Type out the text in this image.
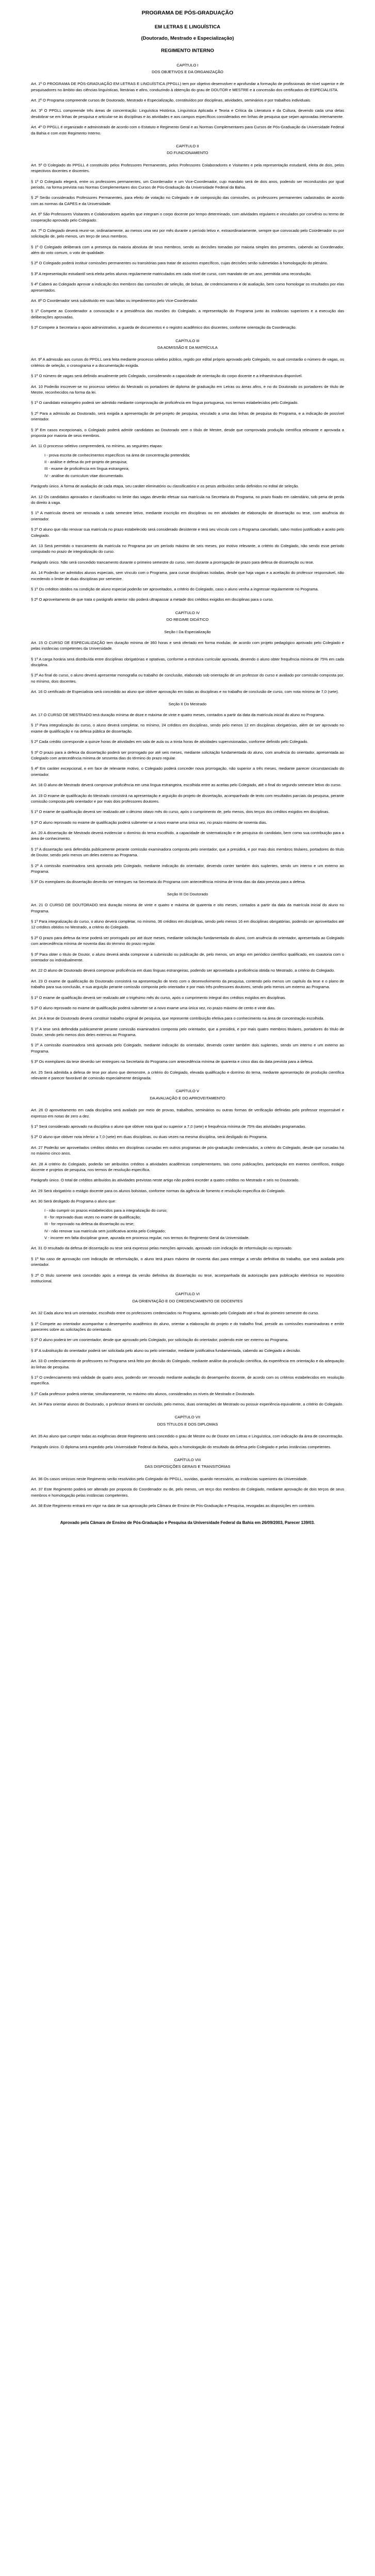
PROGRAMA DE PÓS-GRADUAÇÃO
EM LETRAS E LINGUÍSTICA
(Doutorado, Mestrado e Especialização)
REGIMENTO INTERNO
CAPÍTULO I
DOS OBJETIVOS E DA ORGANIZAÇÃO

Art. 1º O PROGRAMA DE PÓS-GRADUAÇÃO EM LETRAS E LINGUÍSTICA (PPGLL) tem por objetivo desenvolver e aprofundar a formação de profissionais de nível superior e de pesquisadores no âmbito das ciências linguísticas, literárias e afins, conduzindo à obtenção do grau de DOUTOR e MESTRE e à concessão dos certificados de ESPECIALISTA.

Art. 2º O Programa compreende cursos de Doutorado, Mestrado e Especialização, constituídos por disciplinas, atividades, seminários e por trabalhos individuais.

Art. 3º O PPGLL compreende três áreas de concentração: Linguística Histórica, Linguística Aplicada e Teoria e Crítica da Literatura e da Cultura, devendo cada uma delas desdobrar-se em linhas de pesquisa e articular-se às disciplinas e às atividades e aos campos específicos considerados em linhas de pesquisa que sejam aprovadas internamente.

Art. 4º O PPGLL é organizado e administrado de acordo com o Estatuto e Regimento Geral e as Normas Complementares para Cursos de Pós-Graduação da Universidade Federal da Bahia e com este Regimento Interno.

CAPÍTULO II
DO FUNCIONAMENTO

Art. 5º O Colegiado do PPGLL é constituído pelos Professores Permanentes, pelos Professores Colaboradores e Visitantes e pela representação estudantil, eleita de dois, pelos respectivos docentes e discentes.

§ 1º O Colegiado elegerá, entre os professores permanentes, um Coordenador e um Vice-Coordenador, cujo mandato será de dois anos, podendo ser reconduzidos por igual período, na forma prevista nas Normas Complementares dos Cursos de Pós-Graduação da Universidade Federal da Bahia.

§ 2º Serão considerados Professores Permanentes, para efeito de votação no Colegiado e de composição das comissões, os professores permanentes cadastrados de acordo com as normas da CAPES e da Universidade.

Art. 6º São Professores Visitantes e Colaboradores aqueles que integram o corpo docente por tempo determinado, com atividades regulares e vinculados por convênio ou termo de cooperação aprovado pelo Colegiado.

Art. 7º O Colegiado deverá reunir-se, ordinariamente, ao menos uma vez por mês durante o período letivo e, extraordinariamente, sempre que convocado pelo Coordenador ou por solicitação de, pelo menos, um terço de seus membros.

§ 1º O Colegiado deliberará com a presença da maioria absoluta de seus membros, sendo as decisões tomadas por maioria simples dos presentes, cabendo ao Coordenador, além do voto comum, o voto de qualidade.

§ 2º O Colegiado poderá instituir comissões permanentes ou transitórias para tratar de assuntos específicos, cujas decisões serão submetidas à homologação do plenário.

§ 3º A representação estudantil será eleita pelos alunos regularmente matriculados em cada nível de curso, com mandato de um ano, permitida uma recondução.

§ 4º Caberá ao Colegiado aprovar a indicação dos membros das comissões de seleção, de bolsas, de credenciamento e de avaliação, bem como homologar os resultados por elas apresentados.

Art. 8º O Coordenador será substituído em suas faltas ou impedimentos pelo Vice-Coordenador.

§ 1º Compete ao Coordenador a convocação e a presidência das reuniões do Colegiado, a representação do Programa junto às instâncias superiores e a execução das deliberações aprovadas.

§ 2º Compete à Secretaria o apoio administrativo, a guarda de documentos e o registro acadêmico dos discentes, conforme orientação da Coordenação.

CAPÍTULO III
DA ADMISSÃO E DA MATRÍCULA

Art. 9º A admissão aos cursos do PPGLL será feita mediante processo seletivo público, regido por edital próprio aprovado pelo Colegiado, no qual constarão o número de vagas, os critérios de seleção, o cronograma e a documentação exigida.

§ 1º O número de vagas será definido anualmente pelo Colegiado, considerando a capacidade de orientação do corpo docente e a infraestrutura disponível.

Art. 10 Poderão inscrever-se no processo seletivo do Mestrado os portadores de diploma de graduação em Letras ou áreas afins, e no do Doutorado os portadores de título de Mestre, reconhecidos na forma da lei.

§ 1º O candidato estrangeiro poderá ser admitido mediante comprovação de proficiência em língua portuguesa, nos termos estabelecidos pelo Colegiado.

§ 2º Para a admissão ao Doutorado, será exigida a apresentação de pré-projeto de pesquisa, vinculado a uma das linhas de pesquisa do Programa, e a indicação de possível orientador.

§ 3º Em casos excepcionais, o Colegiado poderá admitir candidatos ao Doutorado sem o título de Mestre, desde que comprovada produção científica relevante e aprovada a proposta por maioria de seus membros.

Art. 11 O processo seletivo compreenderá, no mínimo, as seguintes etapas:

I - prova escrita de conhecimentos específicos na área de concentração pretendida;
II - análise e defesa do pré-projeto de pesquisa;
III - exame de proficiência em língua estrangeira;
IV - análise do curriculum vitae documentado.

Parágrafo único. A forma de avaliação de cada etapa, seu caráter eliminatório ou classificatório e os pesos atribuídos serão definidos no edital de seleção.

Art. 12 Os candidatos aprovados e classificados no limite das vagas deverão efetuar sua matrícula na Secretaria do Programa, no prazo fixado em calendário, sob pena de perda do direito à vaga.

§ 1º A matrícula deverá ser renovada a cada semestre letivo, mediante inscrição em disciplinas ou em atividades de elaboração de dissertação ou tese, com anuência do orientador.

§ 2º O aluno que não renovar sua matrícula no prazo estabelecido será considerado desistente e terá seu vínculo com o Programa cancelado, salvo motivo justificado e aceito pelo Colegiado.

Art. 13 Será permitido o trancamento da matrícula no Programa por um período máximo de seis meses, por motivo relevante, a critério do Colegiado, não sendo esse período computado no prazo de integralização do curso.

Parágrafo único. Não será concedido trancamento durante o primeiro semestre do curso, nem durante a prorrogação de prazo para defesa de dissertação ou tese.

Art. 14 Poderão ser admitidos alunos especiais, sem vínculo com o Programa, para cursar disciplinas isoladas, desde que haja vagas e a aceitação do professor responsável, não excedendo o limite de duas disciplinas por semestre.

§ 1º Os créditos obtidos na condição de aluno especial poderão ser aproveitados, a critério do Colegiado, caso o aluno venha a ingressar regularmente no Programa.

§ 2º O aproveitamento de que trata o parágrafo anterior não poderá ultrapassar a metade dos créditos exigidos em disciplinas para o curso.

CAPÍTULO IV
DO REGIME DIDÁTICO
Seção I Da Especialização

Art. 15 O CURSO DE ESPECIALIZAÇÃO tem duração mínima de 360 horas e será ofertado em forma modular, de acordo com projeto pedagógico aprovado pelo Colegiado e pelas instâncias competentes da Universidade.

§ 1º A carga horária será distribuída entre disciplinas obrigatórias e optativas, conforme a estrutura curricular aprovada, devendo o aluno obter frequência mínima de 75% em cada disciplina.

§ 2º Ao final do curso, o aluno deverá apresentar monografia ou trabalho de conclusão, elaborado sob orientação de um professor do curso e avaliado por comissão composta por, no mínimo, dois docentes.

Art. 16 O certificado de Especialista será concedido ao aluno que obtiver aprovação em todas as disciplinas e no trabalho de conclusão de curso, com nota mínima de 7,0 (sete).

Seção II Do Mestrado

Art. 17 O CURSO DE MESTRADO terá duração mínima de doze e máxima de vinte e quatro meses, contados a partir da data da matrícula inicial do aluno no Programa.

§ 1º Para integralização do curso, o aluno deverá completar, no mínimo, 24 créditos em disciplinas, sendo pelo menos 12 em disciplinas obrigatórias, além de ser aprovado no exame de qualificação e na defesa pública de dissertação.

§ 2º Cada crédito corresponde a quinze horas de atividades em sala de aula ou a trinta horas de atividades supervisionadas, conforme definido pelo Colegiado.

§ 3º O prazo para a defesa da dissertação poderá ser prorrogado por até seis meses, mediante solicitação fundamentada do aluno, com anuência do orientador, apresentada ao Colegiado com antecedência mínima de sessenta dias do término do prazo regular.

§ 4º Em caráter excepcional, e em face de relevante motivo, o Colegiado poderá conceder nova prorrogação, não superior a três meses, mediante parecer circunstanciado do orientador.

Art. 18 O aluno de Mestrado deverá comprovar proficiência em uma língua estrangeira, escolhida entre as aceitas pelo Colegiado, até o final do segundo semestre letivo do curso.

Art. 19 O exame de qualificação do Mestrado consistirá na apresentação e arguição do projeto de dissertação, acompanhado de texto com resultados parciais da pesquisa, perante comissão composta pelo orientador e por mais dois professores doutores.

§ 1º O exame de qualificação deverá ser realizado até o décimo oitavo mês do curso, após o cumprimento de, pelo menos, dois terços dos créditos exigidos em disciplinas.

§ 2º O aluno reprovado no exame de qualificação poderá submeter-se a novo exame uma única vez, no prazo máximo de noventa dias.

Art. 20 A dissertação de Mestrado deverá evidenciar o domínio do tema escolhido, a capacidade de sistematização e de pesquisa do candidato, bem como sua contribuição para a área de conhecimento.

§ 1º A dissertação será defendida publicamente perante comissão examinadora composta pelo orientador, que a presidirá, e por mais dois membros titulares, portadores do título de Doutor, sendo pelo menos um deles externo ao Programa.

§ 2º A comissão examinadora será aprovada pelo Colegiado, mediante indicação do orientador, devendo conter também dois suplentes, sendo um interno e um externo ao Programa.

§ 3º Os exemplares da dissertação deverão ser entregues na Secretaria do Programa com antecedência mínima de trinta dias da data prevista para a defesa.

Seção III Do Doutorado

Art. 21 O CURSO DE DOUTORADO terá duração mínima de vinte e quatro e máxima de quarenta e oito meses, contados a partir da data da matrícula inicial do aluno no Programa.

§ 1º Para integralização do curso, o aluno deverá completar, no mínimo, 36 créditos em disciplinas, sendo pelo menos 16 em disciplinas obrigatórias, podendo ser aproveitados até 12 créditos obtidos no Mestrado, a critério do Colegiado.

§ 2º O prazo para defesa da tese poderá ser prorrogado por até doze meses, mediante solicitação fundamentada do aluno, com anuência do orientador, apresentada ao Colegiado com antecedência mínima de noventa dias do término do prazo regular.

§ 3º Para obter o título de Doutor, o aluno deverá ainda comprovar a submissão ou publicação de, pelo menos, um artigo em periódico científico qualificado, em coautoria com o orientador ou individualmente.

Art. 22 O aluno de Doutorado deverá comprovar proficiência em duas línguas estrangeiras, podendo ser aproveitada a proficiência obtida no Mestrado, a critério do Colegiado.

Art. 23 O exame de qualificação do Doutorado consistirá na apresentação de texto com o desenvolvimento da pesquisa, contendo pelo menos um capítulo da tese e o plano de trabalho para sua conclusão, e sua arguição perante comissão composta pelo orientador e por mais três professores doutores, sendo pelo menos um externo ao Programa.

§ 1º O exame de qualificação deverá ser realizado até o trigésimo mês do curso, após o cumprimento integral dos créditos exigidos em disciplinas.

§ 2º O aluno reprovado no exame de qualificação poderá submeter-se a novo exame uma única vez, no prazo máximo de cento e vinte dias.

Art. 24 A tese de Doutorado deverá constituir trabalho original de pesquisa, que represente contribuição efetiva para o conhecimento na área de concentração escolhida.

§ 1º A tese será defendida publicamente perante comissão examinadora composta pelo orientador, que a presidirá, e por mais quatro membros titulares, portadores do título de Doutor, sendo pelo menos dois deles externos ao Programa.

§ 2º A comissão examinadora será aprovada pelo Colegiado, mediante indicação do orientador, devendo conter também dois suplentes, sendo um interno e um externo ao Programa.

§ 3º Os exemplares da tese deverão ser entregues na Secretaria do Programa com antecedência mínima de quarenta e cinco dias da data prevista para a defesa.

Art. 25 Será admitida a defesa de tese por aluno que demonstre, a critério do Colegiado, elevada qualificação e domínio do tema, mediante apresentação de produção científica relevante e parecer favorável de comissão especialmente designada.

CAPÍTULO V
DA AVALIAÇÃO E DO APROVEITAMENTO

Art. 26 O aproveitamento em cada disciplina será avaliado por meio de provas, trabalhos, seminários ou outras formas de verificação definidas pelo professor responsável e expresso em notas de zero a dez.

§ 1º Será considerado aprovado na disciplina o aluno que obtiver nota igual ou superior a 7,0 (sete) e frequência mínima de 75% das atividades programadas.

§ 2º O aluno que obtiver nota inferior a 7,0 (sete) em duas disciplinas, ou duas vezes na mesma disciplina, será desligado do Programa.

Art. 27 Poderão ser aproveitados créditos obtidos em disciplinas cursadas em outros programas de pós-graduação credenciados, a critério do Colegiado, desde que cursadas há no máximo cinco anos.

Art. 28 A critério do Colegiado, poderão ser atribuídos créditos a atividades acadêmicas complementares, tais como publicações, participação em eventos científicos, estágio docente e projetos de pesquisa, nos termos de resolução específica.

Parágrafo único. O total de créditos atribuídos às atividades previstas neste artigo não poderá exceder a quatro créditos no Mestrado e seis no Doutorado.

Art. 29 Será obrigatório o estágio docente para os alunos bolsistas, conforme normas da agência de fomento e resolução específica do Colegiado.

Art. 30 Será desligado do Programa o aluno que:

I - não cumprir os prazos estabelecidos para a integralização do curso;
II - for reprovado duas vezes no exame de qualificação;
III - for reprovado na defesa da dissertação ou tese;
IV - não renovar sua matrícula sem justificativa aceita pelo Colegiado;
V - incorrer em falta disciplinar grave, apurada em processo regular, nos termos do Regimento Geral da Universidade.

Art. 31 O resultado da defesa de dissertação ou tese será expresso pelas menções aprovado, aprovado com indicação de reformulação ou reprovado.

§ 1º No caso de aprovação com indicação de reformulação, o aluno terá prazo máximo de noventa dias para entregar a versão definitiva do trabalho, que será avaliada pelo orientador.

§ 2º O título somente será concedido após a entrega da versão definitiva da dissertação ou tese, acompanhada da autorização para publicação eletrônica no repositório institucional.

CAPÍTULO VI
DA ORIENTAÇÃO E DO CREDENCIAMENTO DE DOCENTES

Art. 32 Cada aluno terá um orientador, escolhido entre os professores credenciados no Programa, aprovado pelo Colegiado até o final do primeiro semestre do curso.

§ 1º Compete ao orientador acompanhar o desempenho acadêmico do aluno, orientar a elaboração do projeto e do trabalho final, presidir as comissões examinadoras e emitir pareceres sobre as solicitações do orientando.

§ 2º O aluno poderá ter um coorientador, desde que aprovado pelo Colegiado, por solicitação do orientador, podendo este ser externo ao Programa.

§ 3º A substituição do orientador poderá ser solicitada pelo aluno ou pelo orientador, mediante justificativa fundamentada, cabendo ao Colegiado a decisão.

Art. 33 O credenciamento de professores no Programa será feito por decisão do Colegiado, mediante análise da produção científica, da experiência em orientação e da adequação às linhas de pesquisa.

§ 1º O credenciamento terá validade de quatro anos, podendo ser renovado mediante avaliação do desempenho docente, de acordo com os critérios estabelecidos em resolução específica.

§ 2º Cada professor poderá orientar, simultaneamente, no máximo oito alunos, considerados os níveis de Mestrado e Doutorado.

Art. 34 Para orientar alunos de Doutorado, o professor deverá ter concluído, pelo menos, duas orientações de Mestrado ou possuir experiência equivalente, a critério do Colegiado.

CAPÍTULO VII
DOS TÍTULOS E DOS DIPLOMAS

Art. 35 Ao aluno que cumprir todas as exigências deste Regimento será concedido o grau de Mestre ou de Doutor em Letras e Linguística, com indicação da área de concentração.

Parágrafo único. O diploma será expedido pela Universidade Federal da Bahia, após a homologação do resultado da defesa pelo Colegiado e pelas instâncias competentes.

CAPÍTULO VIII
DAS DISPOSIÇÕES GERAIS E TRANSITÓRIAS

Art. 36 Os casos omissos neste Regimento serão resolvidos pelo Colegiado do PPGLL, ouvidas, quando necessário, as instâncias superiores da Universidade.

Art. 37 Este Regimento poderá ser alterado por proposta do Coordenador ou de, pelo menos, um terço dos membros do Colegiado, mediante aprovação de dois terços de seus membros e homologação pelas instâncias competentes.

Art. 38 Este Regimento entrará em vigor na data de sua aprovação pela Câmara de Ensino de Pós-Graduação e Pesquisa, revogadas as disposições em contrário.

Aprovado pela Câmara de Ensino de Pós-Graduação e Pesquisa da Universidade Federal da Bahia em 26/09/2003, Parecer 139/03.
